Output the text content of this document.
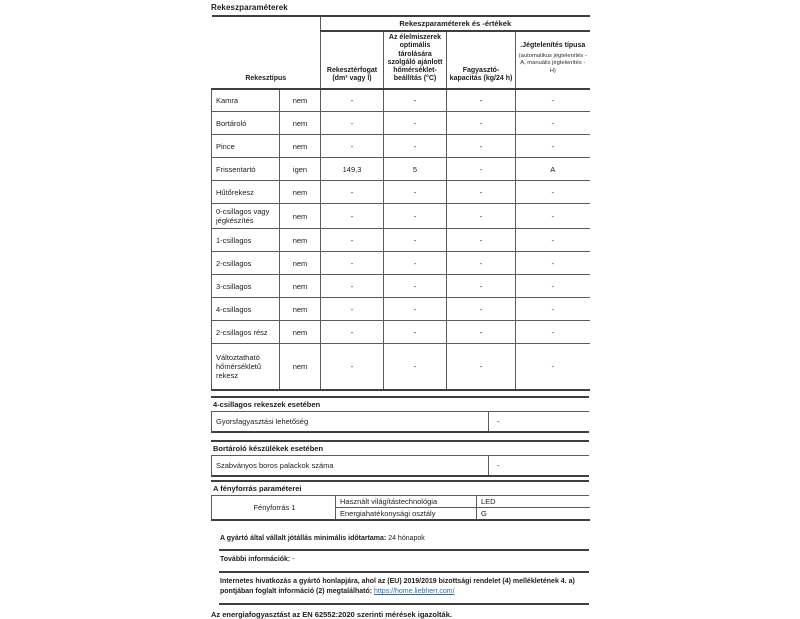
Rekeszparaméterek
		Rekeszparaméterek és -értékek			
Rekesztípus		Rekesztérfogat (dm³ vagy l)	Az élelmiszerek optimális tárolására szolgáló ajánlott hőmérséklet-beállítás (°C)	Fagyasztó-kapacitás (kg/24 h)	.Jégtelenítés típusa
(automatikus jégtelenítés - A, manuális jégtelenítés - H)

Kamra	nem	-	-	-	-
Bortároló	nem	-	-	-	-
Pince	nem	-	-	-	-
Frissentartó	igen	149,3	5	-	A
Hűtőrekesz	nem	-	-	-	-
0-csillagos vagy jégkészítés	nem	-	-	-	-
1-csillagos	nem	-	-	-	-
2-csillagos	nem	-	-	-	-
3-csillagos	nem	-	-	-	-
4-csillagos	nem	-	-	-	-
2-csillagos rész	nem	-	-	-	-
Változtatható hőmérsékletű rekesz	nem	-	-	-	-
4-csillagos rekeszek esetében
Gyorsfagyasztási lehetőség	-
Bortároló készülékek esetében
Szabványos boros palackok száma	-
A fényforrás paraméterei
Fényforrás 1	Használt világítástechnológia	LED
	Energiahatékonysági osztály	G
A gyártó által vállalt jótállás minimális időtartama: 24 hónapok
További információk: -
Internetes hivatkozás a gyártó honlapjára, ahol az (EU) 2019/2019 bizottsági rendelet (4) mellékletének 4. a) pontjában foglalt információ (2) megtalálható: https://home.liebherr.com/
Az energiafogyasztást az EN 62552:2020 szerinti mérések igazolták.
